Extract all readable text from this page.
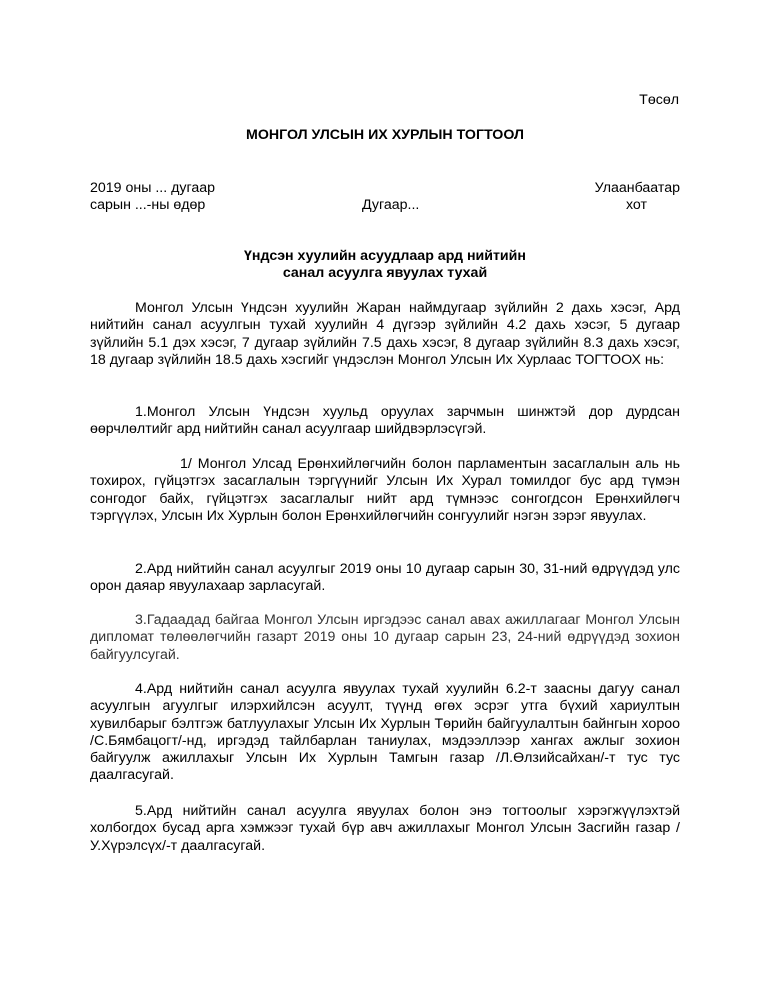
Төсөл
МОНГОЛ УЛСЫН ИХ ХУРЛЫН ТОГТООЛ
2019 оны ... дугаар
сарын ...-ны өдөр	Дугаар...
Улаанбаатар
хот
Үндсэн хуулийн асуудлаар ард нийтийн
санал асуулга явуулах тухай

Монгол Улсын Үндсэн хуулийн Жаран наймдугаар зүйлийн 2 дахь хэсэг, Ард нийтийн санал асуулгын тухай хуулийн 4 дүгээр зүйлийн 4.2 дахь хэсэг, 5 дугаар зүйлийн 5.1 дэх хэсэг, 7 дугаар зүйлийн 7.5 дахь хэсэг, 8 дугаар зүйлийн 8.3 дахь хэсэг, 18 дугаар зүйлийн 18.5 дахь хэсгийг үндэслэн Монгол Улсын Их Хурлаас ТОГТООХ нь:

1.Монгол Улсын Үндсэн хуульд оруулах зарчмын шинжтэй дор дурдсан өөрчлөлтийг ард нийтийн санал асуулгаар шийдвэрлэсүгэй.

1/ Монгол Улсад Ерөнхийлөгчийн болон парламентын засаглалын аль нь тохирох, гүйцэтгэх засаглалын тэргүүнийг Улсын Их Хурал томилдог бус ард түмэн сонгодог байх, гүйцэтгэх засаглалыг нийт ард түмнээс сонгогдсон Ерөнхийлөгч тэргүүлэх, Улсын Их Хурлын болон Ерөнхийлөгчийн сонгуулийг нэгэн зэрэг явуулах.

2.Ард нийтийн санал асуулгыг 2019 оны 10 дугаар сарын 30, 31-ний өдрүүдэд улс орон даяар явуулахаар зарласугай.

3.Гадаадад байгаа Монгол Улсын иргэдээс санал авах ажиллагааг Монгол Улсын дипломат төлөөлөгчийн газарт 2019 оны 10 дугаар сарын 23, 24-ний өдрүүдэд зохион байгуулсугай.

4.Ард нийтийн санал асуулга явуулах тухай хуулийн 6.2-т заасны дагуу санал асуулгын агуулгыг илэрхийлсэн асуулт, түүнд өгөх эсрэг утга бүхий хариултын хувилбарыг бэлтгэж батлуулахыг Улсын Их Хурлын Төрийн байгуулалтын байнгын хороо /С.Бямбацогт/-нд, иргэдэд тайлбарлан таниулах, мэдээллээр хангах ажлыг зохион байгуулж ажиллахыг Улсын Их Хурлын Тамгын газар /Л.Өлзийсайхан/-т тус тус даалгасугай.

5.Ард нийтийн санал асуулга явуулах болон энэ тогтоолыг хэрэгжүүлэхтэй холбогдох бусад арга хэмжээг тухай бүр авч ажиллахыг Монгол Улсын Засгийн газар /У.Хүрэлсүх/-т даалгасугай.
